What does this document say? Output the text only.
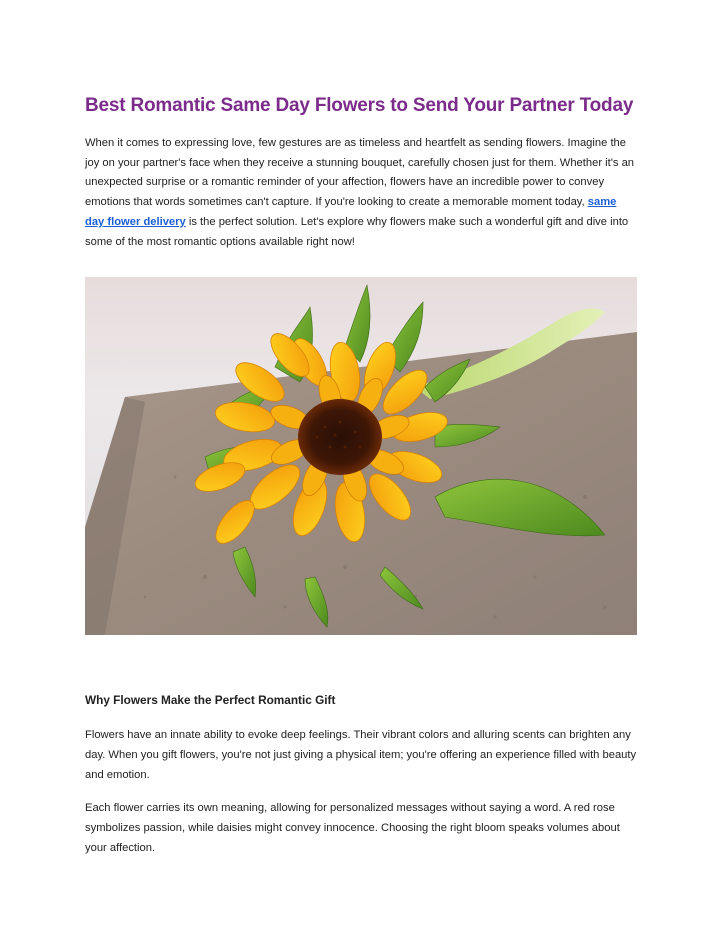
Best Romantic Same Day Flowers to Send Your Partner Today

When it comes to expressing love, few gestures are as timeless and heartfelt as sending flowers. Imagine the joy on your partner's face when they receive a stunning bouquet, carefully chosen just for them. Whether it's an unexpected surprise or a romantic reminder of your affection, flowers have an incredible power to convey emotions that words sometimes can't capture. If you're looking to create a memorable moment today, same day flower delivery is the perfect solution. Let's explore why flowers make such a wonderful gift and dive into some of the most romantic options available right now!

Why Flowers Make the Perfect Romantic Gift

Flowers have an innate ability to evoke deep feelings. Their vibrant colors and alluring scents can brighten any day. When you gift flowers, you're not just giving a physical item; you're offering an experience filled with beauty and emotion.

Each flower carries its own meaning, allowing for personalized messages without saying a word. A red rose symbolizes passion, while daisies might convey innocence. Choosing the right bloom speaks volumes about your affection.
